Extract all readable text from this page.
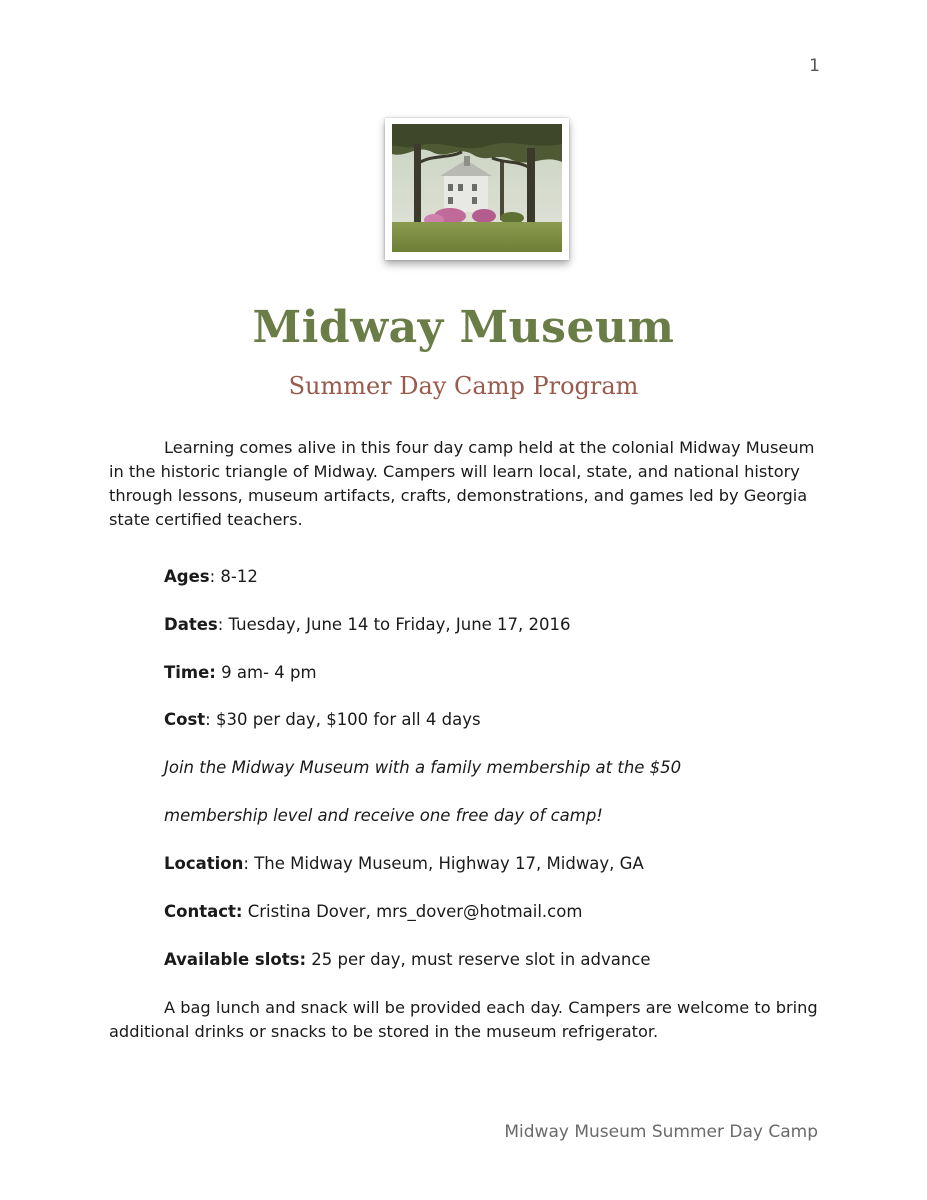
1
Midway Museum
Summer Day Camp Program
Learning comes alive in this four day camp held at the colonial Midway Museum in the historic triangle of Midway. Campers will learn local, state, and national history through lessons, museum artifacts, crafts, demonstrations, and games led by Georgia state certified teachers.
Ages: 8-12
Dates: Tuesday, June 14 to Friday, June 17, 2016
Time: 9 am- 4 pm
Cost: $30 per day, $100 for all 4 days
Join the Midway Museum with a family membership at the $50
membership level and receive one free day of camp!
Location: The Midway Museum, Highway 17, Midway, GA
Contact: Cristina Dover, mrs_dover@hotmail.com
Available slots: 25 per day, must reserve slot in advance
A bag lunch and snack will be provided each day. Campers are welcome to bring additional drinks or snacks to be stored in the museum refrigerator.
Midway Museum Summer Day Camp
